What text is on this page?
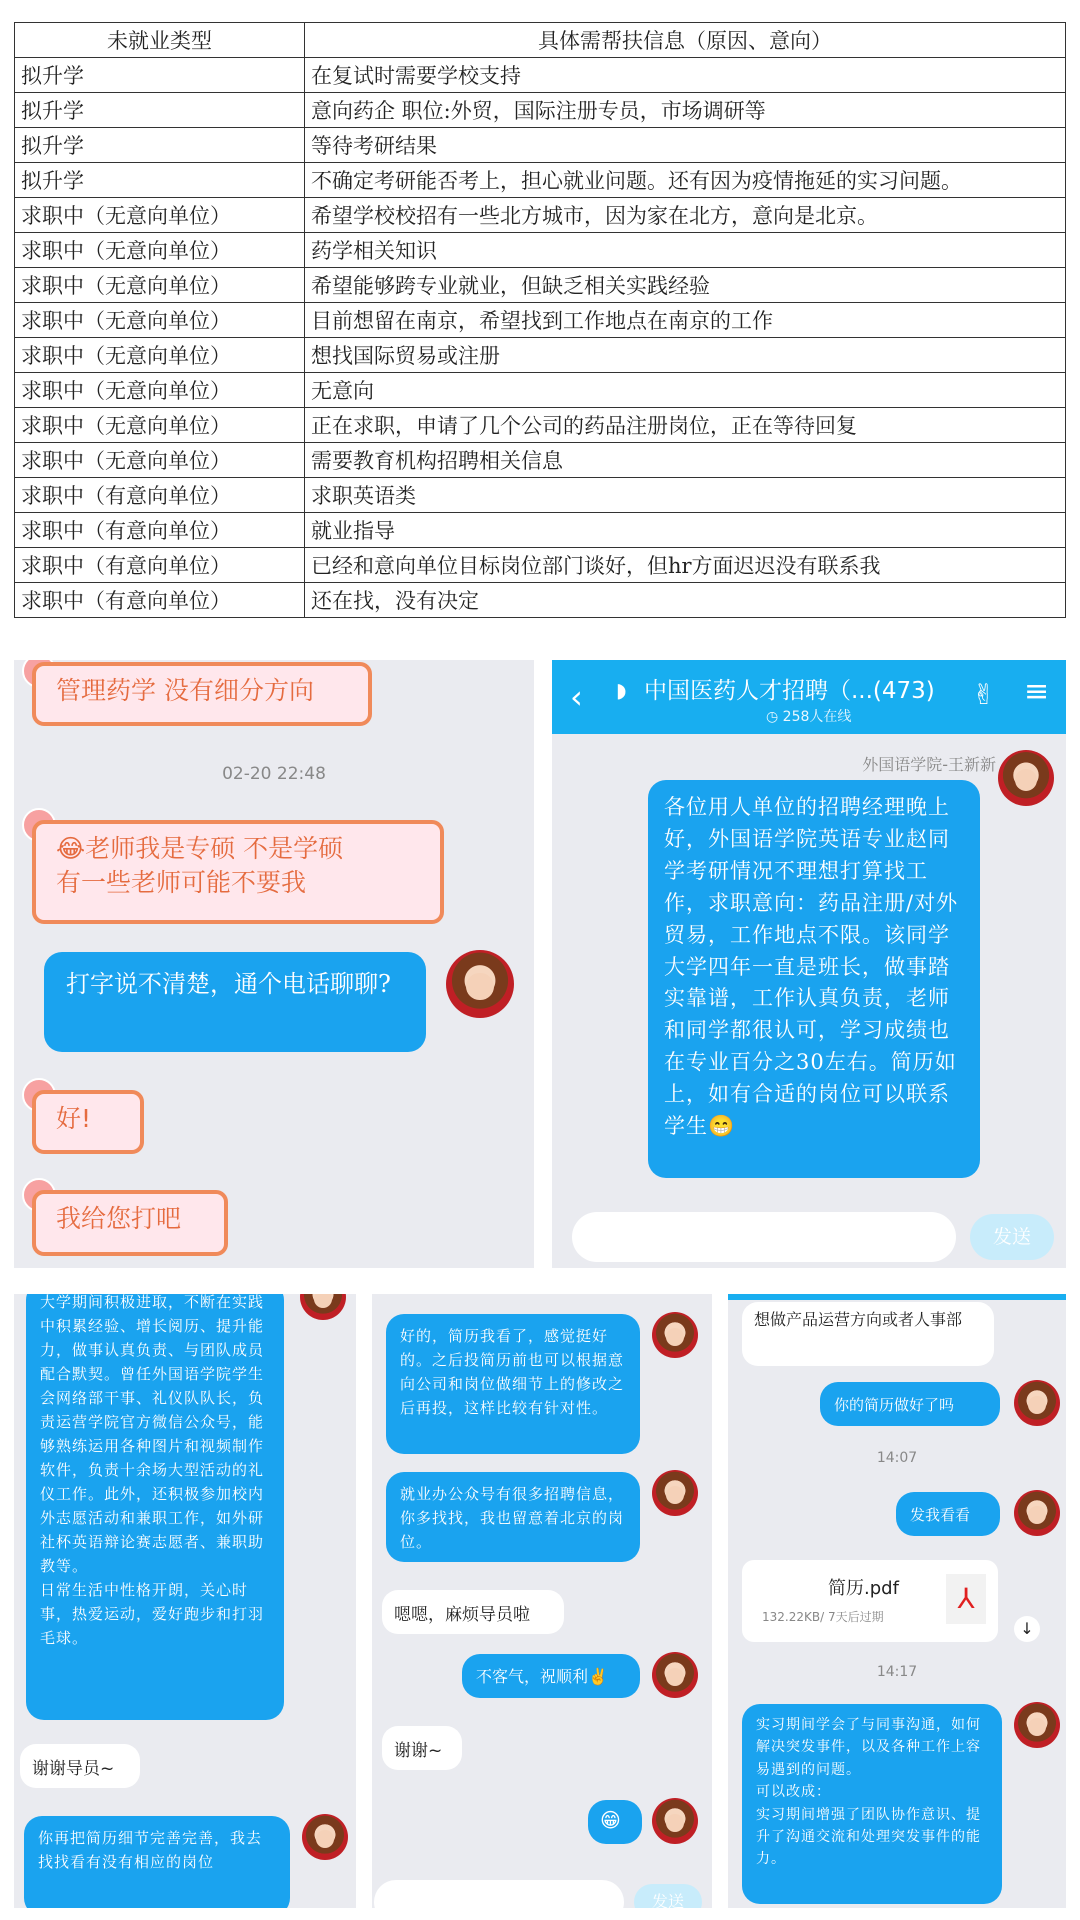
未就业类型	具体需帮扶信息（原因、意向）
拟升学	在复试时需要学校支持
拟升学	意向药企 职位:外贸，国际注册专员，市场调研等
拟升学	等待考研结果
拟升学	不确定考研能否考上，担心就业问题。还有因为疫情拖延的实习问题。
求职中（无意向单位）	希望学校校招有一些北方城市，因为家在北方，意向是北京。
求职中（无意向单位）	药学相关知识
求职中（无意向单位）	希望能够跨专业就业，但缺乏相关实践经验
求职中（无意向单位）	目前想留在南京，希望找到工作地点在南京的工作
求职中（无意向单位）	想找国际贸易或注册
求职中（无意向单位）	无意向
求职中（无意向单位）	正在求职，申请了几个公司的药品注册岗位，正在等待回复
求职中（无意向单位）	需要教育机构招聘相关信息
求职中（有意向单位）	求职英语类
求职中（有意向单位）	就业指导
求职中（有意向单位）	已经和意向单位目标岗位部门谈好，但hr方面迟迟没有联系我
求职中（有意向单位）	还在找，没有决定
管理药学 没有细分方向
02-20 22:48
😂老师我是专硕 不是学硕
有一些老师可能不要我
打字说不清楚，通个电话聊聊?
好!
我给您打吧
‹ ◗ 中国医药人才招聘（...(473)
◷ 258人在线
✌ ≡
外国语学院-王新新
各位用人单位的招聘经理晚上好，外国语学院英语专业赵同学考研情况不理想打算找工作，求职意向：药品注册/对外贸易，工作地点不限。该同学大学四年一直是班长，做事踏实靠谱，工作认真负责，老师和同学都很认可，学习成绩也在专业百分之30左右。简历如上，如有合适的岗位可以联系学生😁
发送
大学期间积极进取，不断在实践中积累经验、增长阅历、提升能力，做事认真负责、与团队成员配合默契。曾任外国语学院学生会网络部干事、礼仪队队长，负责运营学院官方微信公众号，能够熟练运用各种图片和视频制作软件，负责十余场大型活动的礼仪工作。此外，还积极参加校内外志愿活动和兼职工作，如外研社杯英语辩论赛志愿者、兼职助教等。
日常生活中性格开朗，关心时事，热爱运动，爱好跑步和打羽毛球。
谢谢导员~
你再把简历细节完善完善，我去找找看有没有相应的岗位
好的，简历我看了，感觉挺好的。之后投简历前也可以根据意向公司和岗位做细节上的修改之后再投，这样比较有针对性。
就业办公众号有很多招聘信息，你多找找，我也留意着北京的岗位。
嗯嗯，麻烦导员啦
不客气，祝顺利✌️
谢谢~
😁
发送
想做产品运营方向或者人事部
你的简历做好了吗
14:07
发我看看
简历.pdf
132.22KB/ 7天后过期
⅄
↓
14:17
实习期间学会了与同事沟通，如何解决突发事件，以及各种工作上容易遇到的问题。
可以改成：
实习期间增强了团队协作意识、提升了沟通交流和处理突发事件的能力。
